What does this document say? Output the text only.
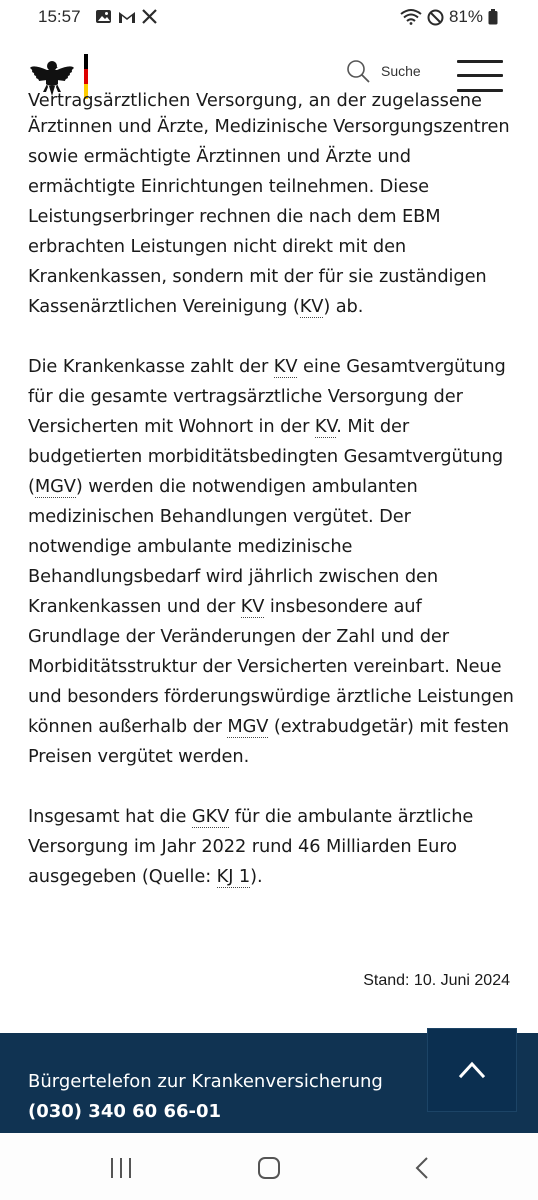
15:57	81%
Suche
Vertragsärztlichen Versorgung, an der zugelassene

Ärztinnen und Ärzte, Medizinische Versorgungszentren sowie ermächtigte Ärztinnen und Ärzte und ermächtigte Einrichtungen teilnehmen. Diese Leistungserbringer rechnen die nach dem EBM erbrachten Leistungen nicht direkt mit den Krankenkassen, sondern mit der für sie zuständigen Kassenärztlichen Vereinigung (KV) ab.

Die Krankenkasse zahlt der KV eine Gesamtvergütung für die gesamte vertragsärztliche Versorgung der Versicherten mit Wohnort in der KV. Mit der budgetierten morbiditätsbedingten Gesamtvergütung (MGV) werden die notwendigen ambulanten medizinischen Behandlungen vergütet. Der notwendige ambulante medizinische Behandlungsbedarf wird jährlich zwischen den Krankenkassen und der KV insbesondere auf Grundlage der Veränderungen der Zahl und der Morbiditätsstruktur der Versicherten vereinbart. Neue und besonders förderungswürdige ärztliche Leistungen können außerhalb der MGV (extrabudgetär) mit festen Preisen vergütet werden.

Insgesamt hat die GKV für die ambulante ärztliche Versorgung im Jahr 2022 rund 46 Milliarden Euro ausgegeben (Quelle: KJ 1).

Stand: 10. Juni 2024
Bürgertelefon zur Krankenversicherung
(030) 340 60 66-01
